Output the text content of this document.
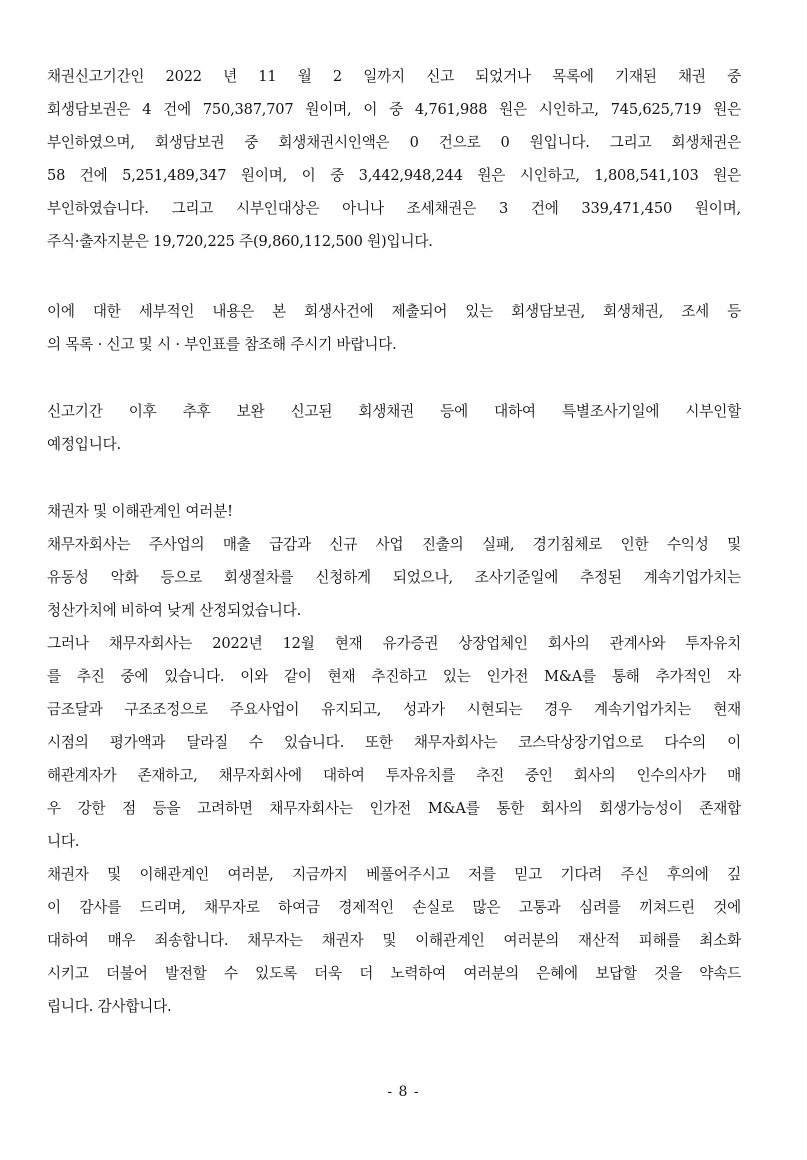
채권신고기간인 2022 년 11 월 2 일까지 신고 되었거나 목록에 기재된 채권 중
회생담보권은 4 건에 750,387,707 원이며, 이 중 4,761,988 원은 시인하고, 745,625,719 원은
부인하였으며, 회생담보권 중 회생채권시인액은 0 건으로 0 원입니다. 그리고 회생채권은
58 건에 5,251,489,347 원이며, 이 중 3,442,948,244 원은 시인하고, 1,808,541,103 원은
부인하였습니다. 그리고 시부인대상은 아니나 조세채권은 3 건에 339,471,450 원이며,
주식·출자지분은 19,720,225 주(9,860,112,500 원)입니다.
이에 대한 세부적인 내용은 본 회생사건에 제출되어 있는 회생담보권, 회생채권, 조세 등
의 목록 · 신고 및 시 · 부인표를 참조해 주시기 바랍니다.
신고기간 이후 추후 보완 신고된 회생채권 등에 대하여 특별조사기일에 시부인할
예정입니다.
채권자 및 이해관계인 여러분!
채무자회사는 주사업의 매출 급감과 신규 사업 진출의 실패, 경기침체로 인한 수익성 및
유동성 악화 등으로 회생절차를 신청하게 되었으나, 조사기준일에 추정된 계속기업가치는
청산가치에 비하여 낮게 산정되었습니다.
그러나 채무자회사는 2022년 12월 현재 유가증권 상장업체인 회사의 관계사와 투자유치
를 추진 중에 있습니다. 이와 같이 현재 추진하고 있는 인가전 M&A를 통해 추가적인 자
금조달과 구조조정으로 주요사업이 유지되고, 성과가 시현되는 경우 계속기업가치는 현재
시점의 평가액과 달라질 수 있습니다. 또한 채무자회사는 코스닥상장기업으로 다수의 이
해관계자가 존재하고, 채무자회사에 대하여 투자유치를 추진 중인 회사의 인수의사가 매
우 강한 점 등을 고려하면 채무자회사는 인가전 M&A를 통한 회사의 회생가능성이 존재합
니다.
채권자 및 이해관계인 여러분, 지금까지 베풀어주시고 저를 믿고 기다려 주신 후의에 깊
이 감사를 드리며, 채무자로 하여금 경제적인 손실로 많은 고통과 심려를 끼쳐드린 것에
대하여 매우 죄송합니다. 채무자는 채권자 및 이해관계인 여러분의 재산적 피해를 최소화
시키고 더불어 발전할 수 있도록 더욱 더 노력하여 여러분의 은혜에 보답할 것을 약속드
립니다. 감사합니다.
- 8 -
